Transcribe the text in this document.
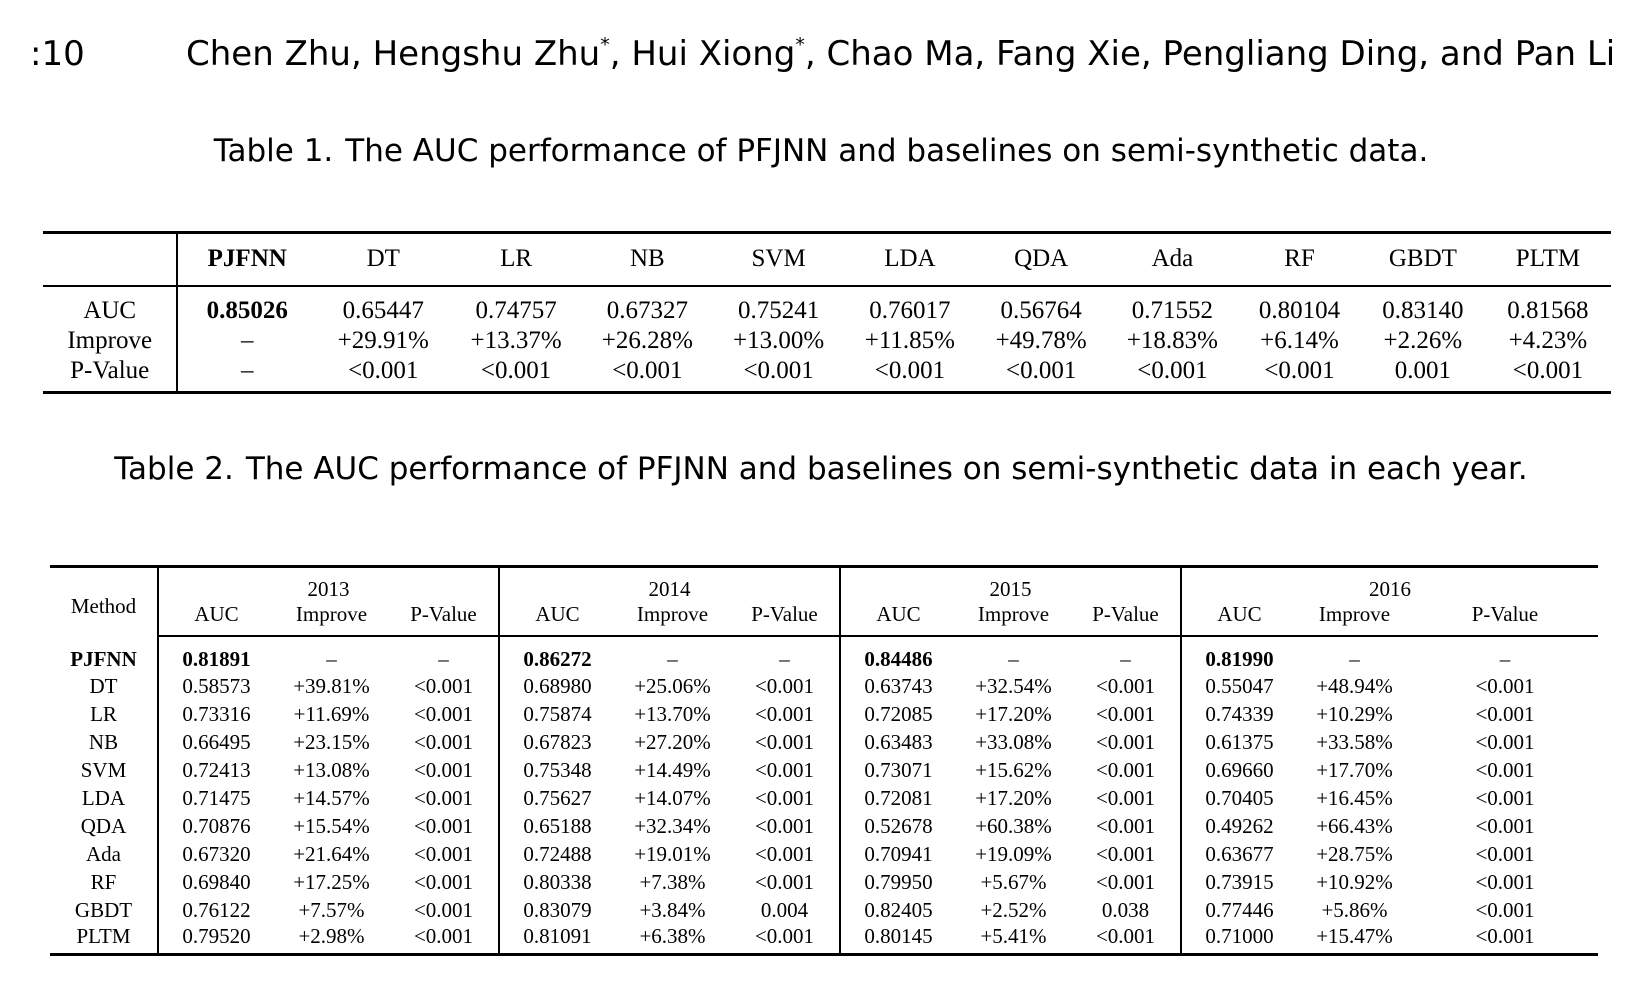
:10	Chen Zhu, Hengshu Zhu*, Hui Xiong*, Chao Ma, Fang Xie, Pengliang Ding, and Pan Li
Table 1. The AUC performance of PFJNN and baselines on semi-synthetic data.
	PJFNN	DT	LR	NB	SVM	LDA	QDA	Ada	RF	GBDT	PLTM
AUC	0.85026	0.65447	0.74757	0.67327	0.75241	0.76017	0.56764	0.71552	0.80104	0.83140	0.81568
Improve	–	+29.91%	+13.37%	+26.28%	+13.00%	+11.85%	+49.78%	+18.83%	+6.14%	+2.26%	+4.23%
P-Value	–	<0.001	<0.001	<0.001	<0.001	<0.001	<0.001	<0.001	<0.001	0.001	<0.001
Table 2. The AUC performance of PFJNN and baselines on semi-synthetic data in each year.
Method	2013			2014			2015			2016		
	AUC	Improve	P-Value	AUC	Improve	P-Value	AUC	Improve	P-Value	AUC	Improve	P-Value
PJFNN	0.81891	–	–	0.86272	–	–	0.84486	–	–	0.81990	–	–
DT	0.58573	+39.81%	<0.001	0.68980	+25.06%	<0.001	0.63743	+32.54%	<0.001	0.55047	+48.94%	<0.001
LR	0.73316	+11.69%	<0.001	0.75874	+13.70%	<0.001	0.72085	+17.20%	<0.001	0.74339	+10.29%	<0.001
NB	0.66495	+23.15%	<0.001	0.67823	+27.20%	<0.001	0.63483	+33.08%	<0.001	0.61375	+33.58%	<0.001
SVM	0.72413	+13.08%	<0.001	0.75348	+14.49%	<0.001	0.73071	+15.62%	<0.001	0.69660	+17.70%	<0.001
LDA	0.71475	+14.57%	<0.001	0.75627	+14.07%	<0.001	0.72081	+17.20%	<0.001	0.70405	+16.45%	<0.001
QDA	0.70876	+15.54%	<0.001	0.65188	+32.34%	<0.001	0.52678	+60.38%	<0.001	0.49262	+66.43%	<0.001
Ada	0.67320	+21.64%	<0.001	0.72488	+19.01%	<0.001	0.70941	+19.09%	<0.001	0.63677	+28.75%	<0.001
RF	0.69840	+17.25%	<0.001	0.80338	+7.38%	<0.001	0.79950	+5.67%	<0.001	0.73915	+10.92%	<0.001
GBDT	0.76122	+7.57%	<0.001	0.83079	+3.84%	0.004	0.82405	+2.52%	0.038	0.77446	+5.86%	<0.001
PLTM	0.79520	+2.98%	<0.001	0.81091	+6.38%	<0.001	0.80145	+5.41%	<0.001	0.71000	+15.47%	<0.001
